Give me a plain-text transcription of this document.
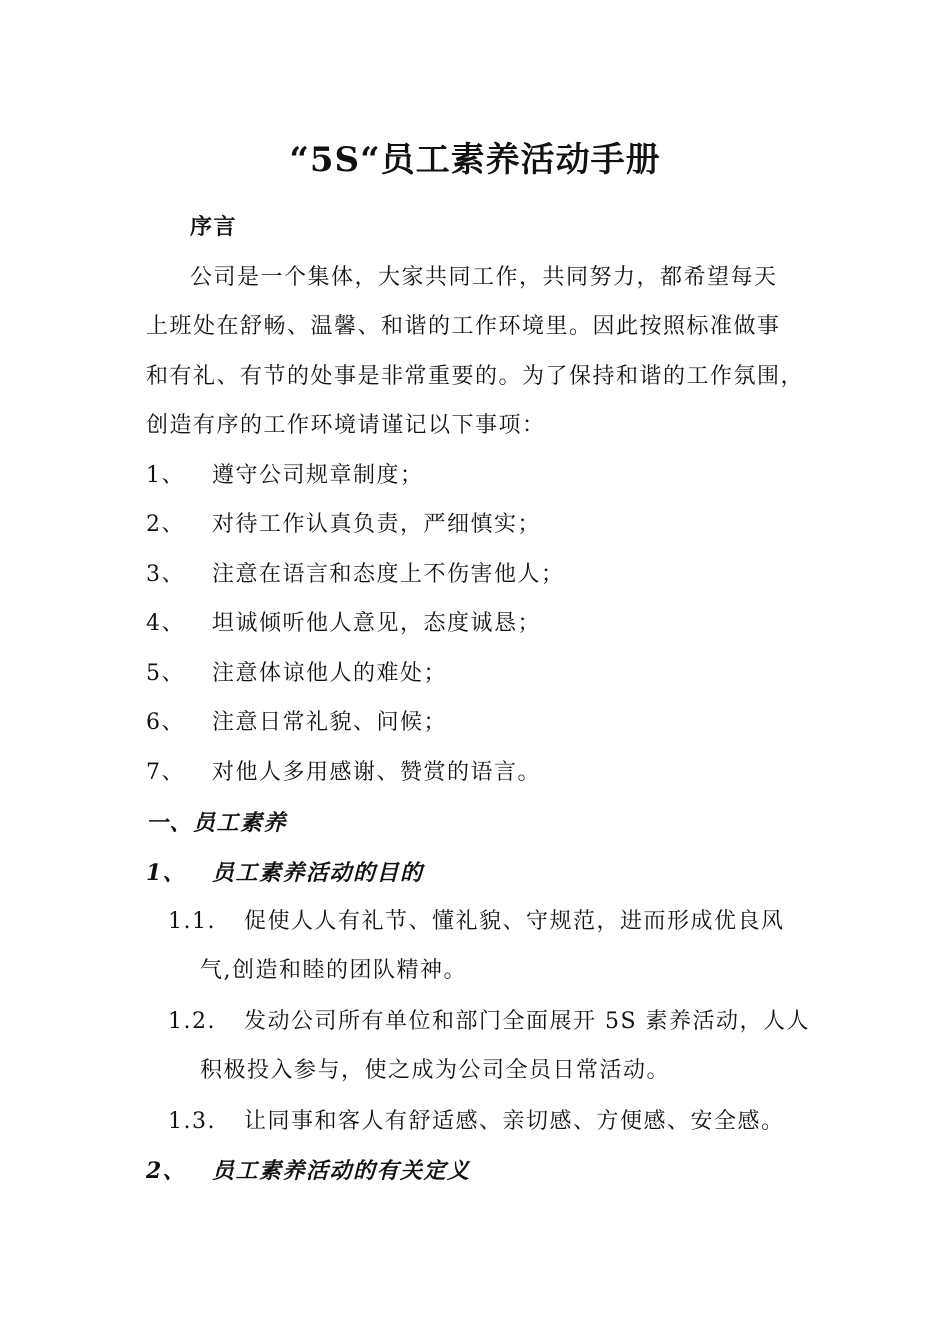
“5S“员工素养活动手册
序言
公司是一个集体，大家共同工作，共同努力，都希望每天
上班处在舒畅、温馨、和谐的工作环境里。因此按照标准做事
和有礼、有节的处事是非常重要的。为了保持和谐的工作氛围，
创造有序的工作环境请谨记以下事项：
1、 遵守公司规章制度；
2、 对待工作认真负责，严细慎实；
3、 注意在语言和态度上不伤害他人；
4、 坦诚倾听他人意见，态度诚恳；
5、 注意体谅他人的难处；
6、 注意日常礼貌、问候；
7、 对他人多用感谢、赞赏的语言。
一、员工素养
1、 员工素养活动的目的
1.1. 促使人人有礼节、懂礼貌、守规范，进而形成优良风
气,创造和睦的团队精神。
1.2. 发动公司所有单位和部门全面展开 5S 素养活动，人人
积极投入参与，使之成为公司全员日常活动。
1.3. 让同事和客人有舒适感、亲切感、方便感、安全感。
2、 员工素养活动的有关定义
